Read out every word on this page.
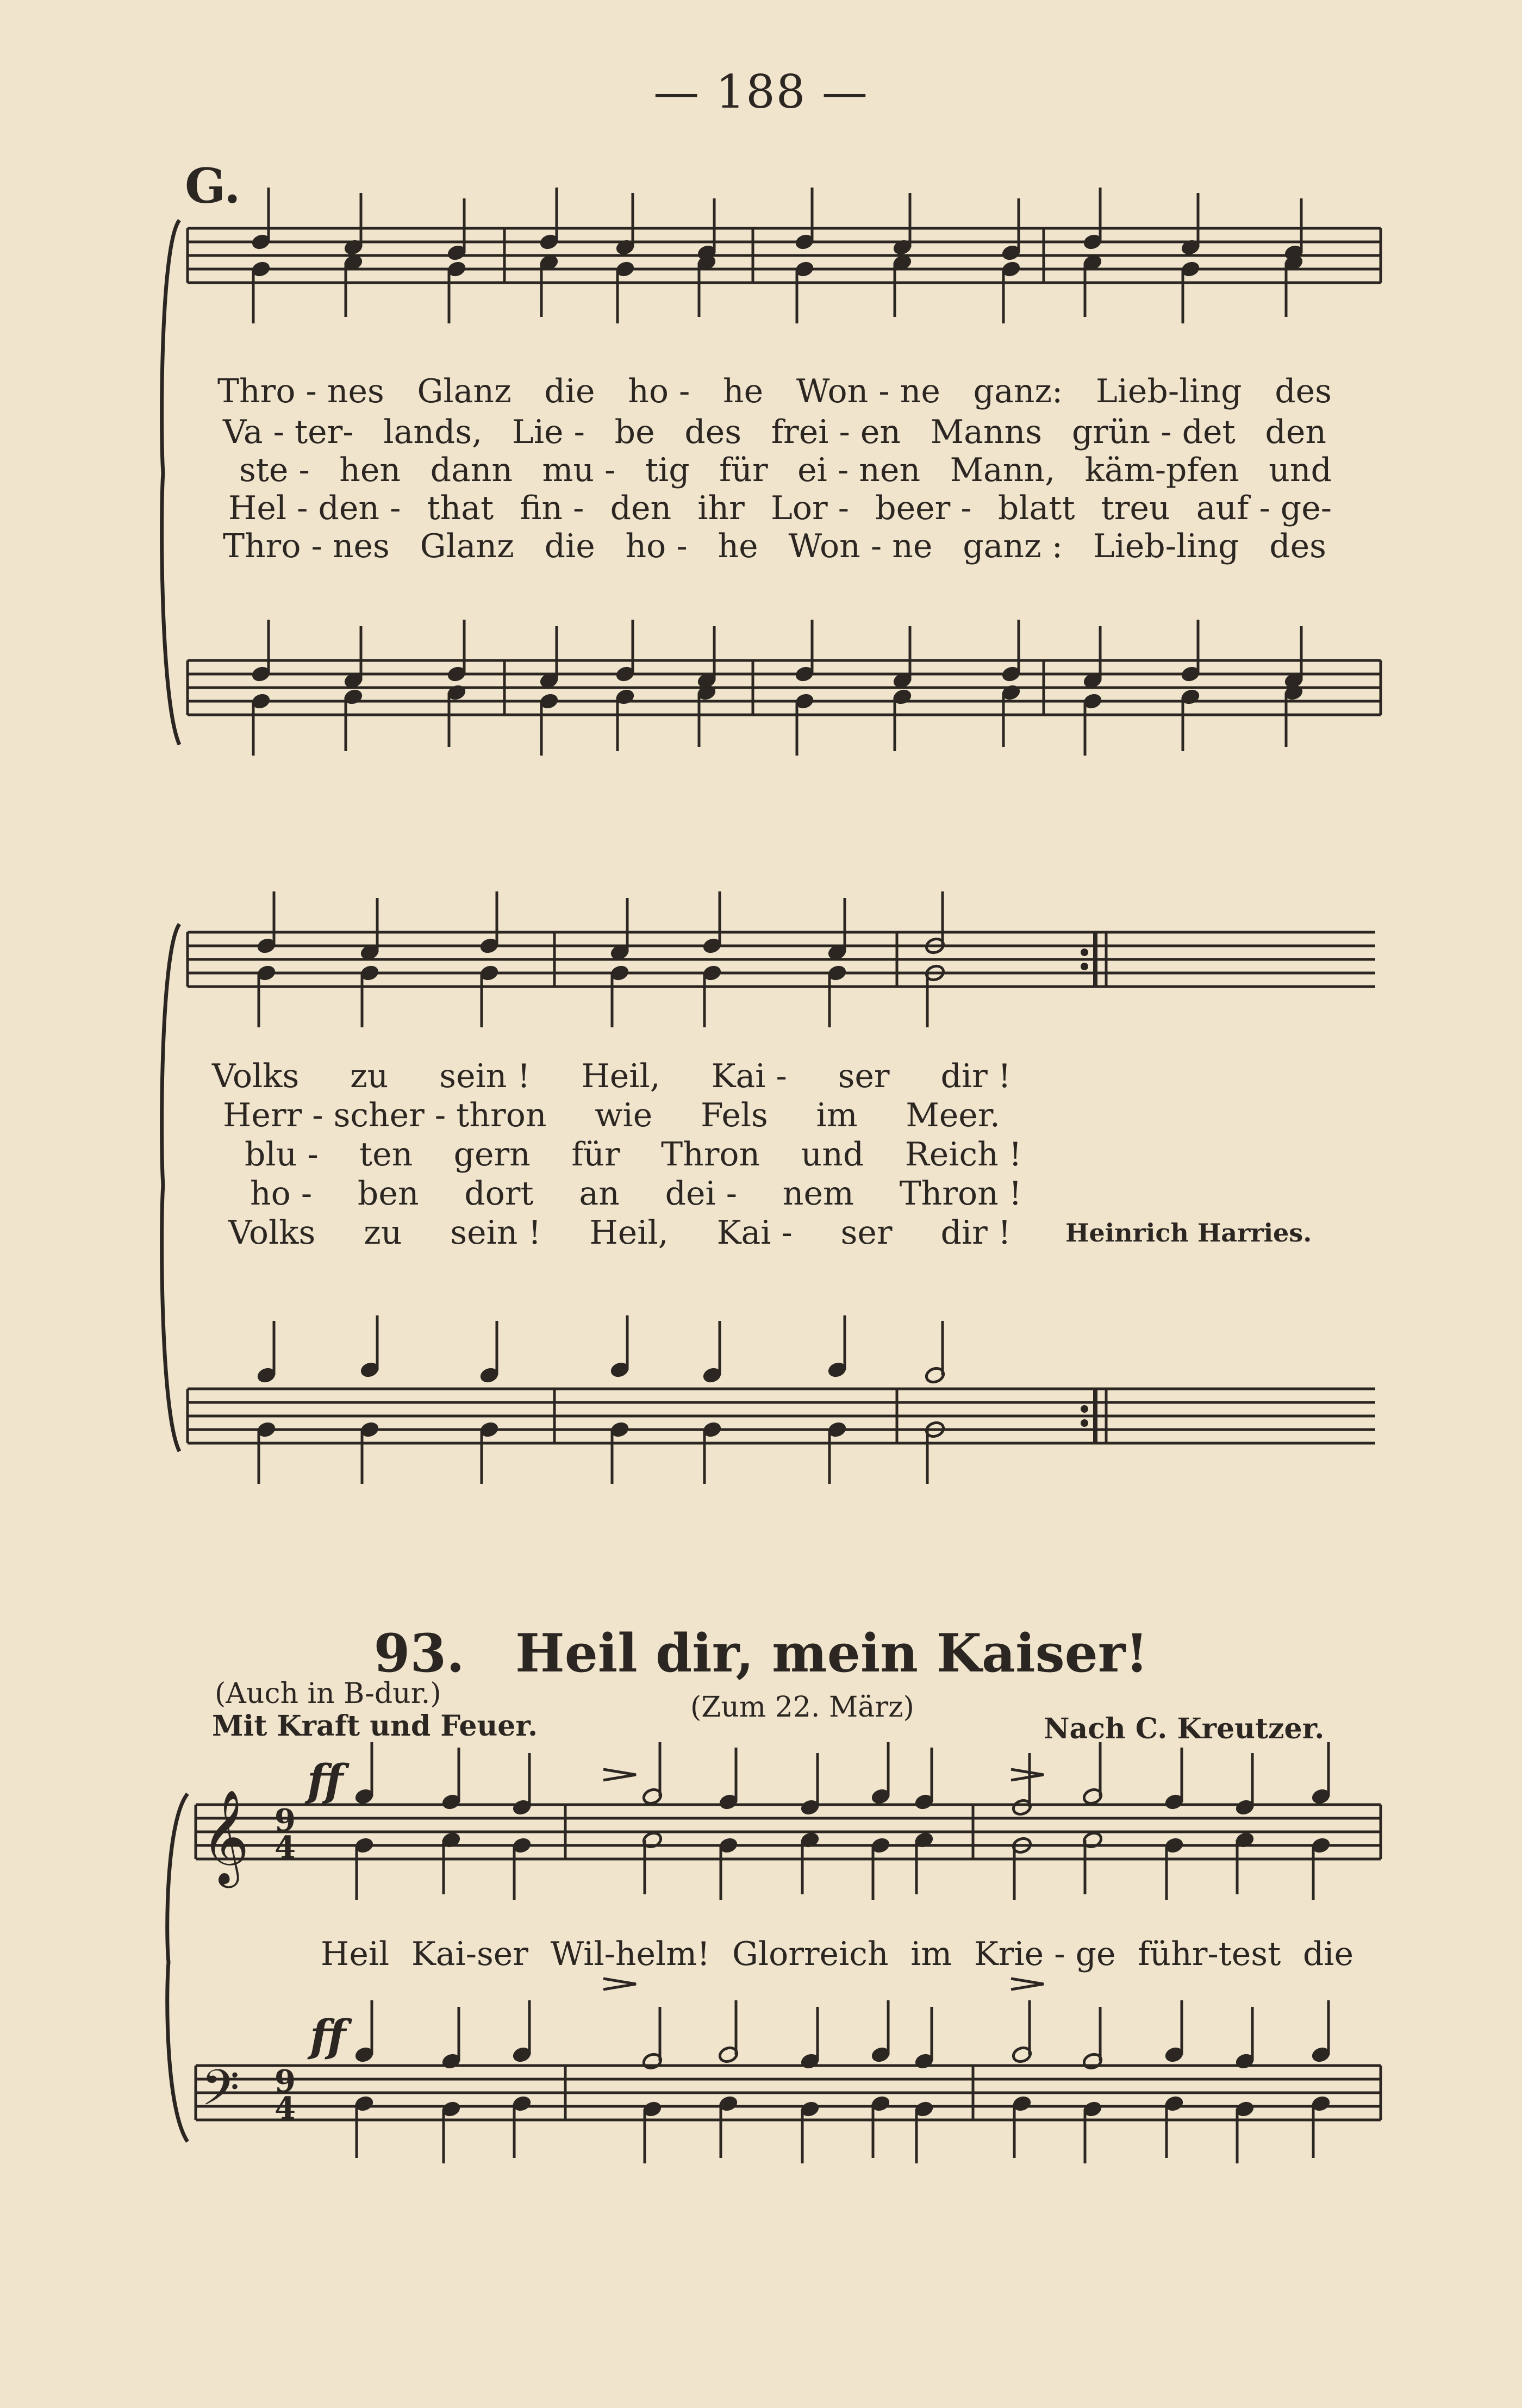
— 188 —
G.
𝄞
𝄢
9
4
9
4
Thro - nes Glanz die ho - he Won - ne ganz: Lieb-ling des
Va - ter- lands, Lie - be des frei - en Manns grün - det den
ste - hen dann mu - tig für ei - nen Mann, käm-pfen und
Hel - den - that fin - den ihr Lor - beer - blatt treu auf - ge-
Thro - nes Glanz die ho - he Won - ne ganz : Lieb-ling des
Volks zu sein ! Heil, Kai - ser dir !
Herr - scher - thron wie Fels im Meer.
blu - ten gern für Thron und Reich !
ho - ben dort an dei - nem Thron !
Volks zu sein ! Heil, Kai - ser dir ! Heinrich Harries.
93. Heil dir, mein Kaiser!
(Auch in B-dur.)
Mit Kraft und Feuer.
(Zum 22. März)
Nach C. Kreutzer.
ff
ff
Heil Kai-ser Wil-helm! Glorreich im Krie - ge führ-test die
